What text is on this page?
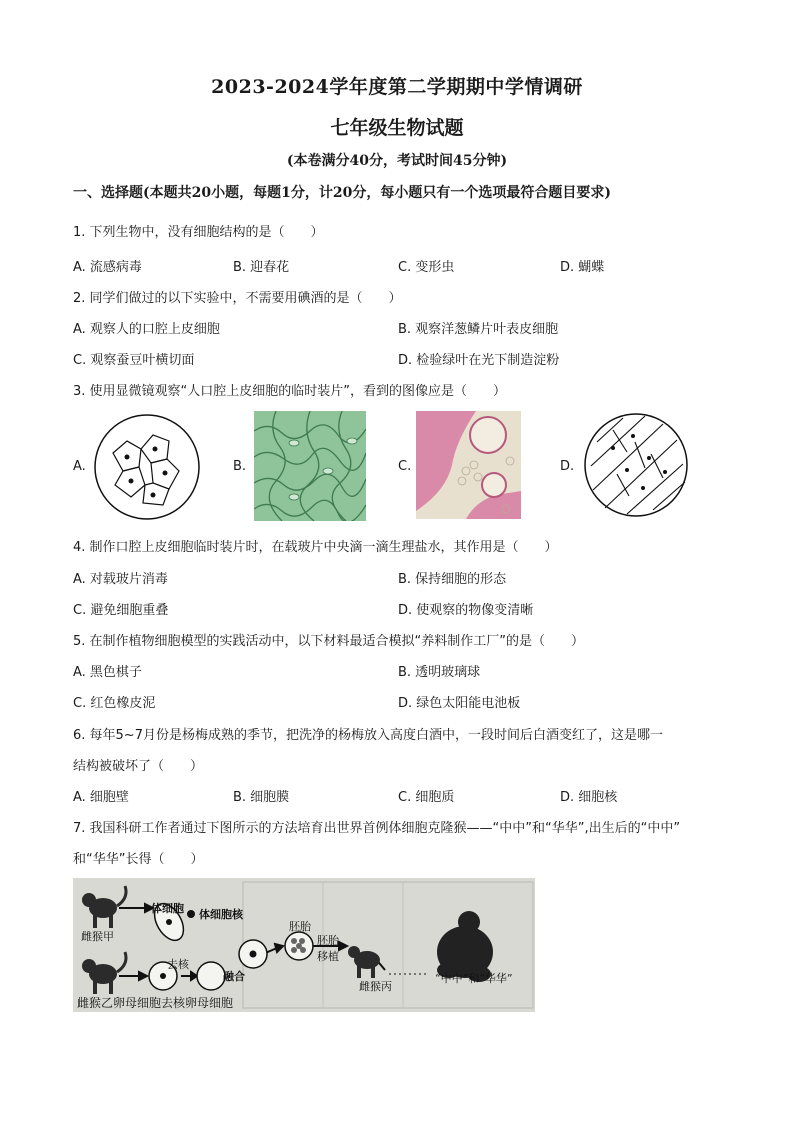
2023-2024学年度第二学期期中学情调研
七年级生物试题
(本卷满分40分，考试时间45分钟)
一、选择题(本题共20小题，每题1分，计20分，每小题只有一个选项最符合题目要求)
1. 下列生物中，没有细胞结构的是（　　）
A. 流感病毒	B. 迎春花	C. 变形虫	D. 蝴蝶
2. 同学们做过的以下实验中，不需要用碘酒的是（　　）
A. 观察人的口腔上皮细胞	B. 观察洋葱鳞片叶表皮细胞
C. 观察蚕豆叶横切面	D. 检验绿叶在光下制造淀粉
3. 使用显微镜观察“人口腔上皮细胞的临时装片”，看到的图像应是（　　）
A.	B.	C.	D.
4. 制作口腔上皮细胞临时装片时，在载玻片中央滴一滴生理盐水，其作用是（　　）
A. 对载玻片消毒	B. 保持细胞的形态
C. 避免细胞重叠	D. 使观察的物像变清晰
5. 在制作植物细胞模型的实践活动中，以下材料最适合模拟“养料制作工厂”的是（　　）
A. 黑色棋子	B. 透明玻璃球
C. 红色橡皮泥	D. 绿色太阳能电池板
6. 每年5~7月份是杨梅成熟的季节，把洗净的杨梅放入高度白酒中，一段时间后白酒变红了，这是哪一
结构被破坏了（　　）
A. 细胞壁	B. 细胞膜	C. 细胞质	D. 细胞核
7. 我国科研工作者通过下图所示的方法培育出世界首例体细胞克隆猴——“中中”和“华华”,出生后的“中中”
和“华华”长得（　　）
雌猴甲
体细胞 体细胞核
去核
融合
胚胎
胚胎
移植
雌猴丙
“中中”和“华华”
雌猴乙卵母细胞去核卵母细胞
